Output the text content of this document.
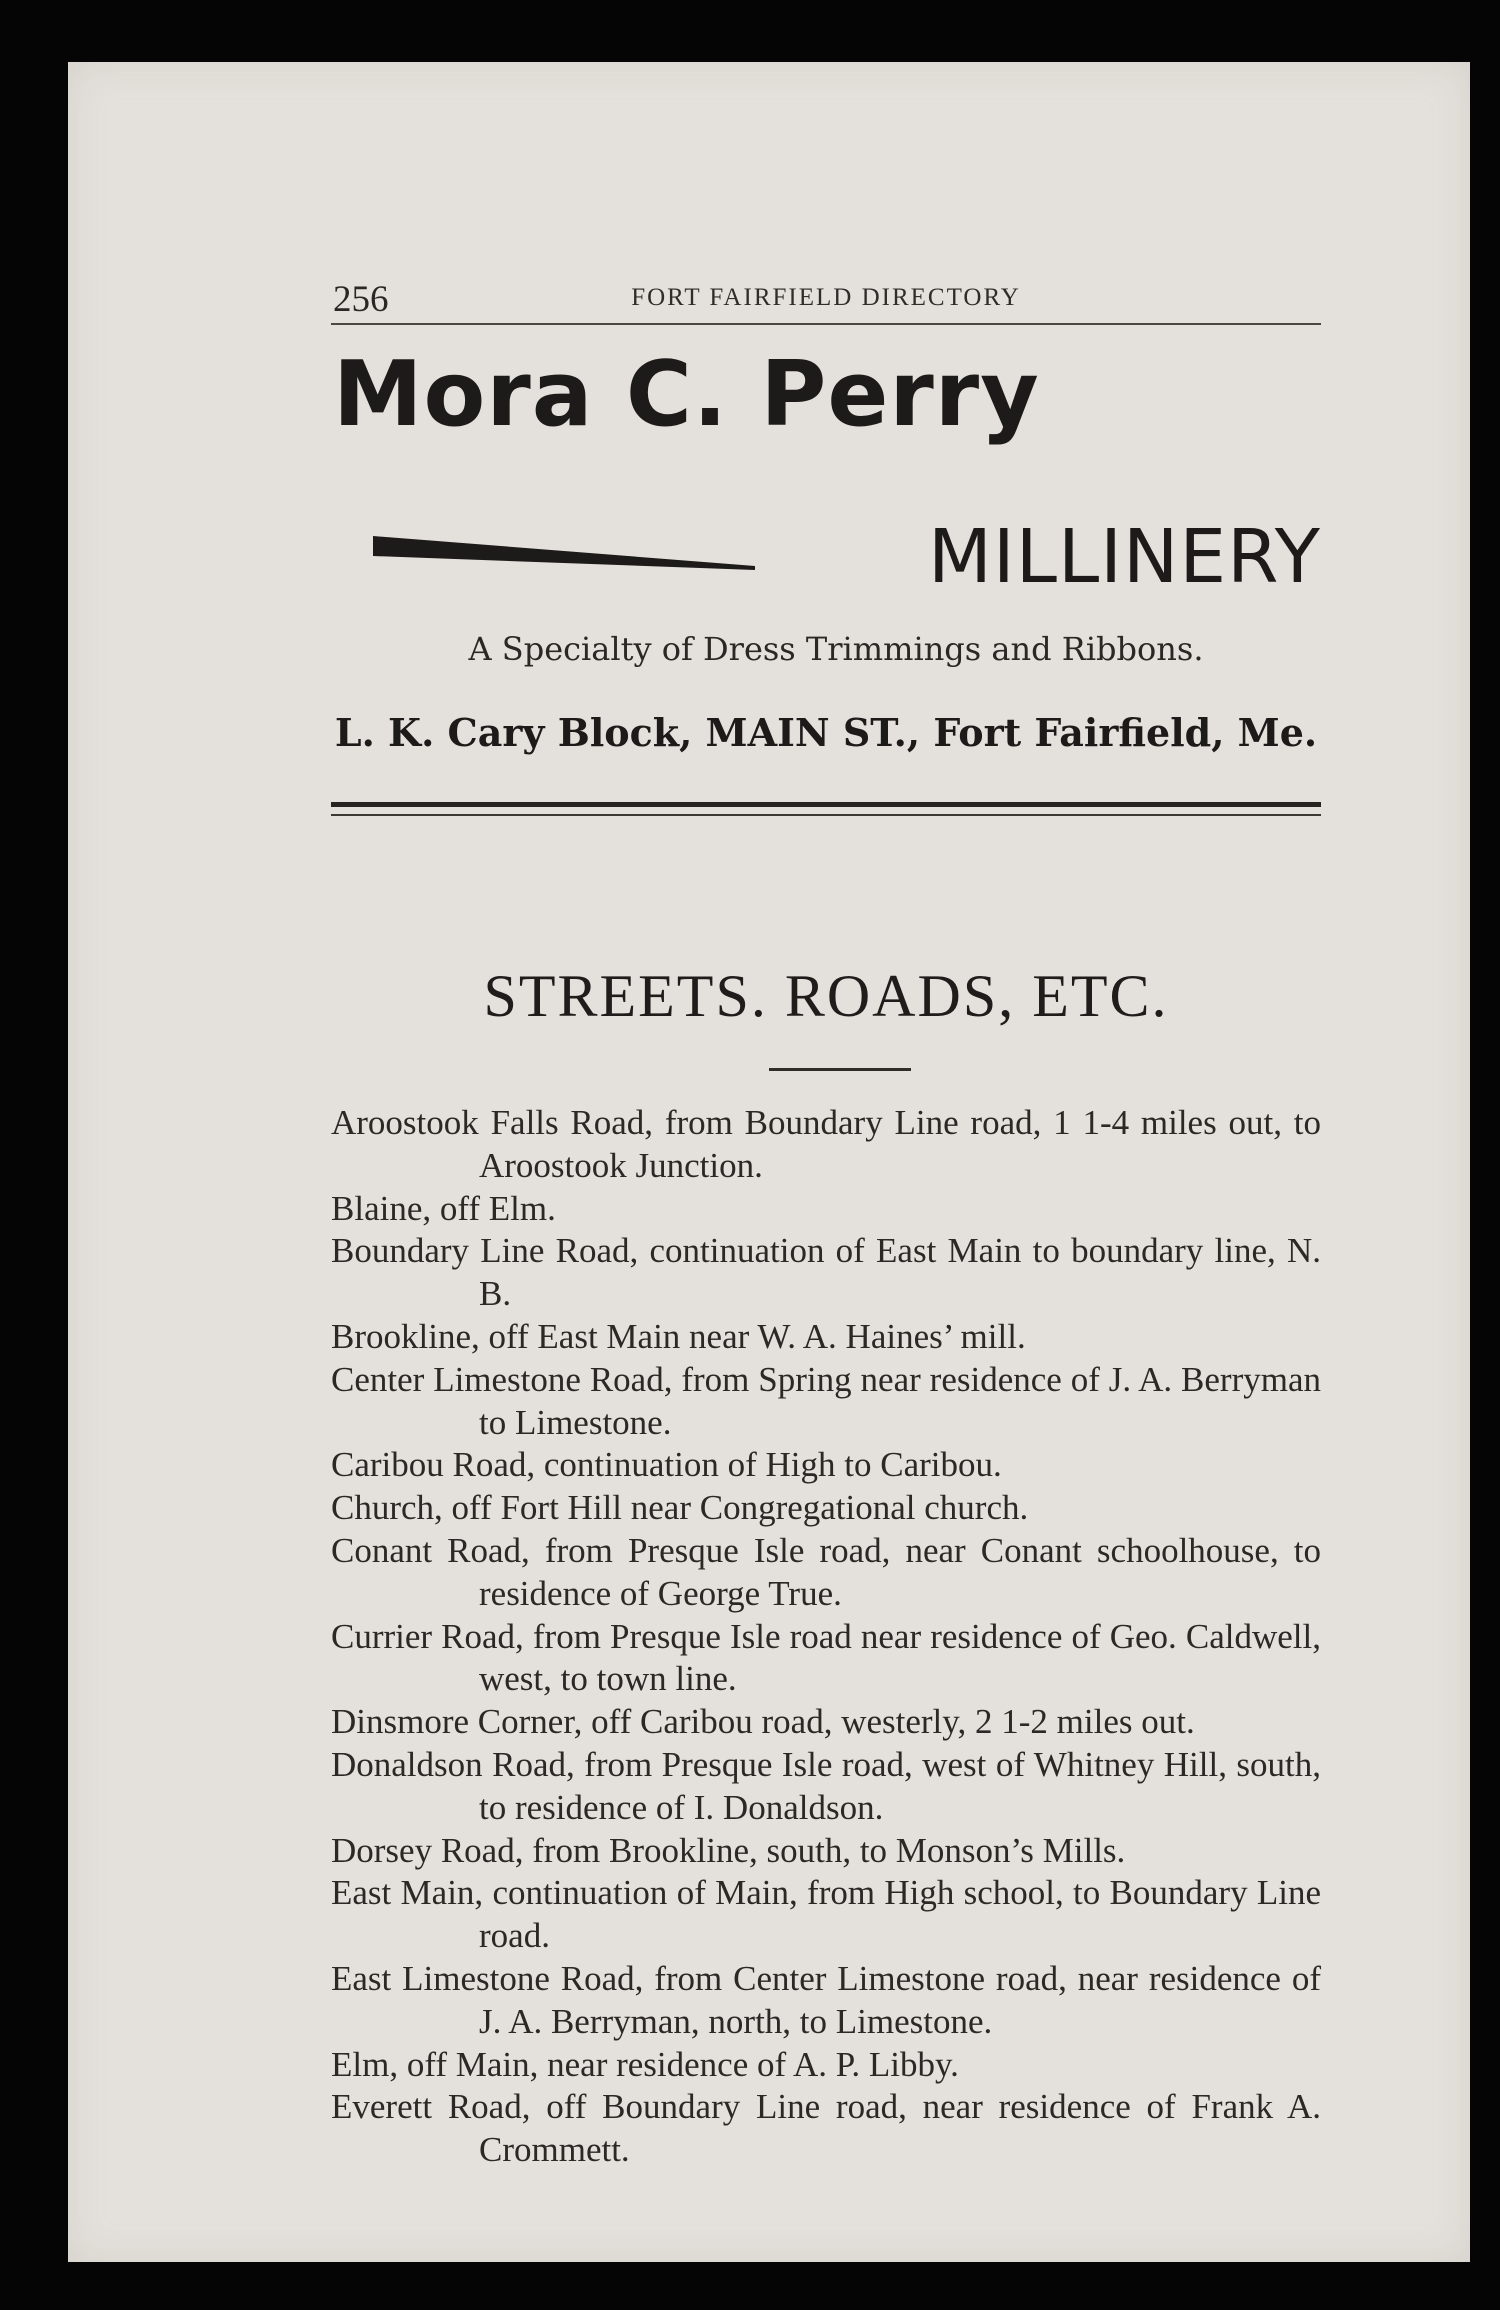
256	FORT FAIRFIELD DIRECTORY
Mora C. Perry
MILLINERY
A Specialty of Dress Trimmings and Ribbons.
L. K. Cary Block, MAIN ST., Fort Fairfield, Me.
STREETS. ROADS, ETC.
Aroostook Falls Road, from Boundary Line road, 1 1-4 miles out, to Aroostook Junction.
Blaine, off Elm.
Boundary Line Road, continuation of East Main to boundary line, N. B.
Brookline, off East Main near W. A. Haines’ mill.
Center Limestone Road, from Spring near residence of J. A. Berryman to Limestone.
Caribou Road, continuation of High to Caribou.
Church, off Fort Hill near Congregational church.
Conant Road, from Presque Isle road, near Conant schoolhouse, to residence of George True.
Currier Road, from Presque Isle road near residence of Geo. Caldwell, west, to town line.
Dinsmore Corner, off Caribou road, westerly, 2 1-2 miles out.
Donaldson Road, from Presque Isle road, west of Whitney Hill, south, to residence of I. Donaldson.
Dorsey Road, from Brookline, south, to Monson’s Mills.
East Main, continuation of Main, from High school, to Boundary Line road.
East Limestone Road, from Center Limestone road, near residence of J. A. Berryman, north, to Limestone.
Elm, off Main, near residence of A. P. Libby.
Everett Road, off Boundary Line road, near residence of Frank A. Crommett.
